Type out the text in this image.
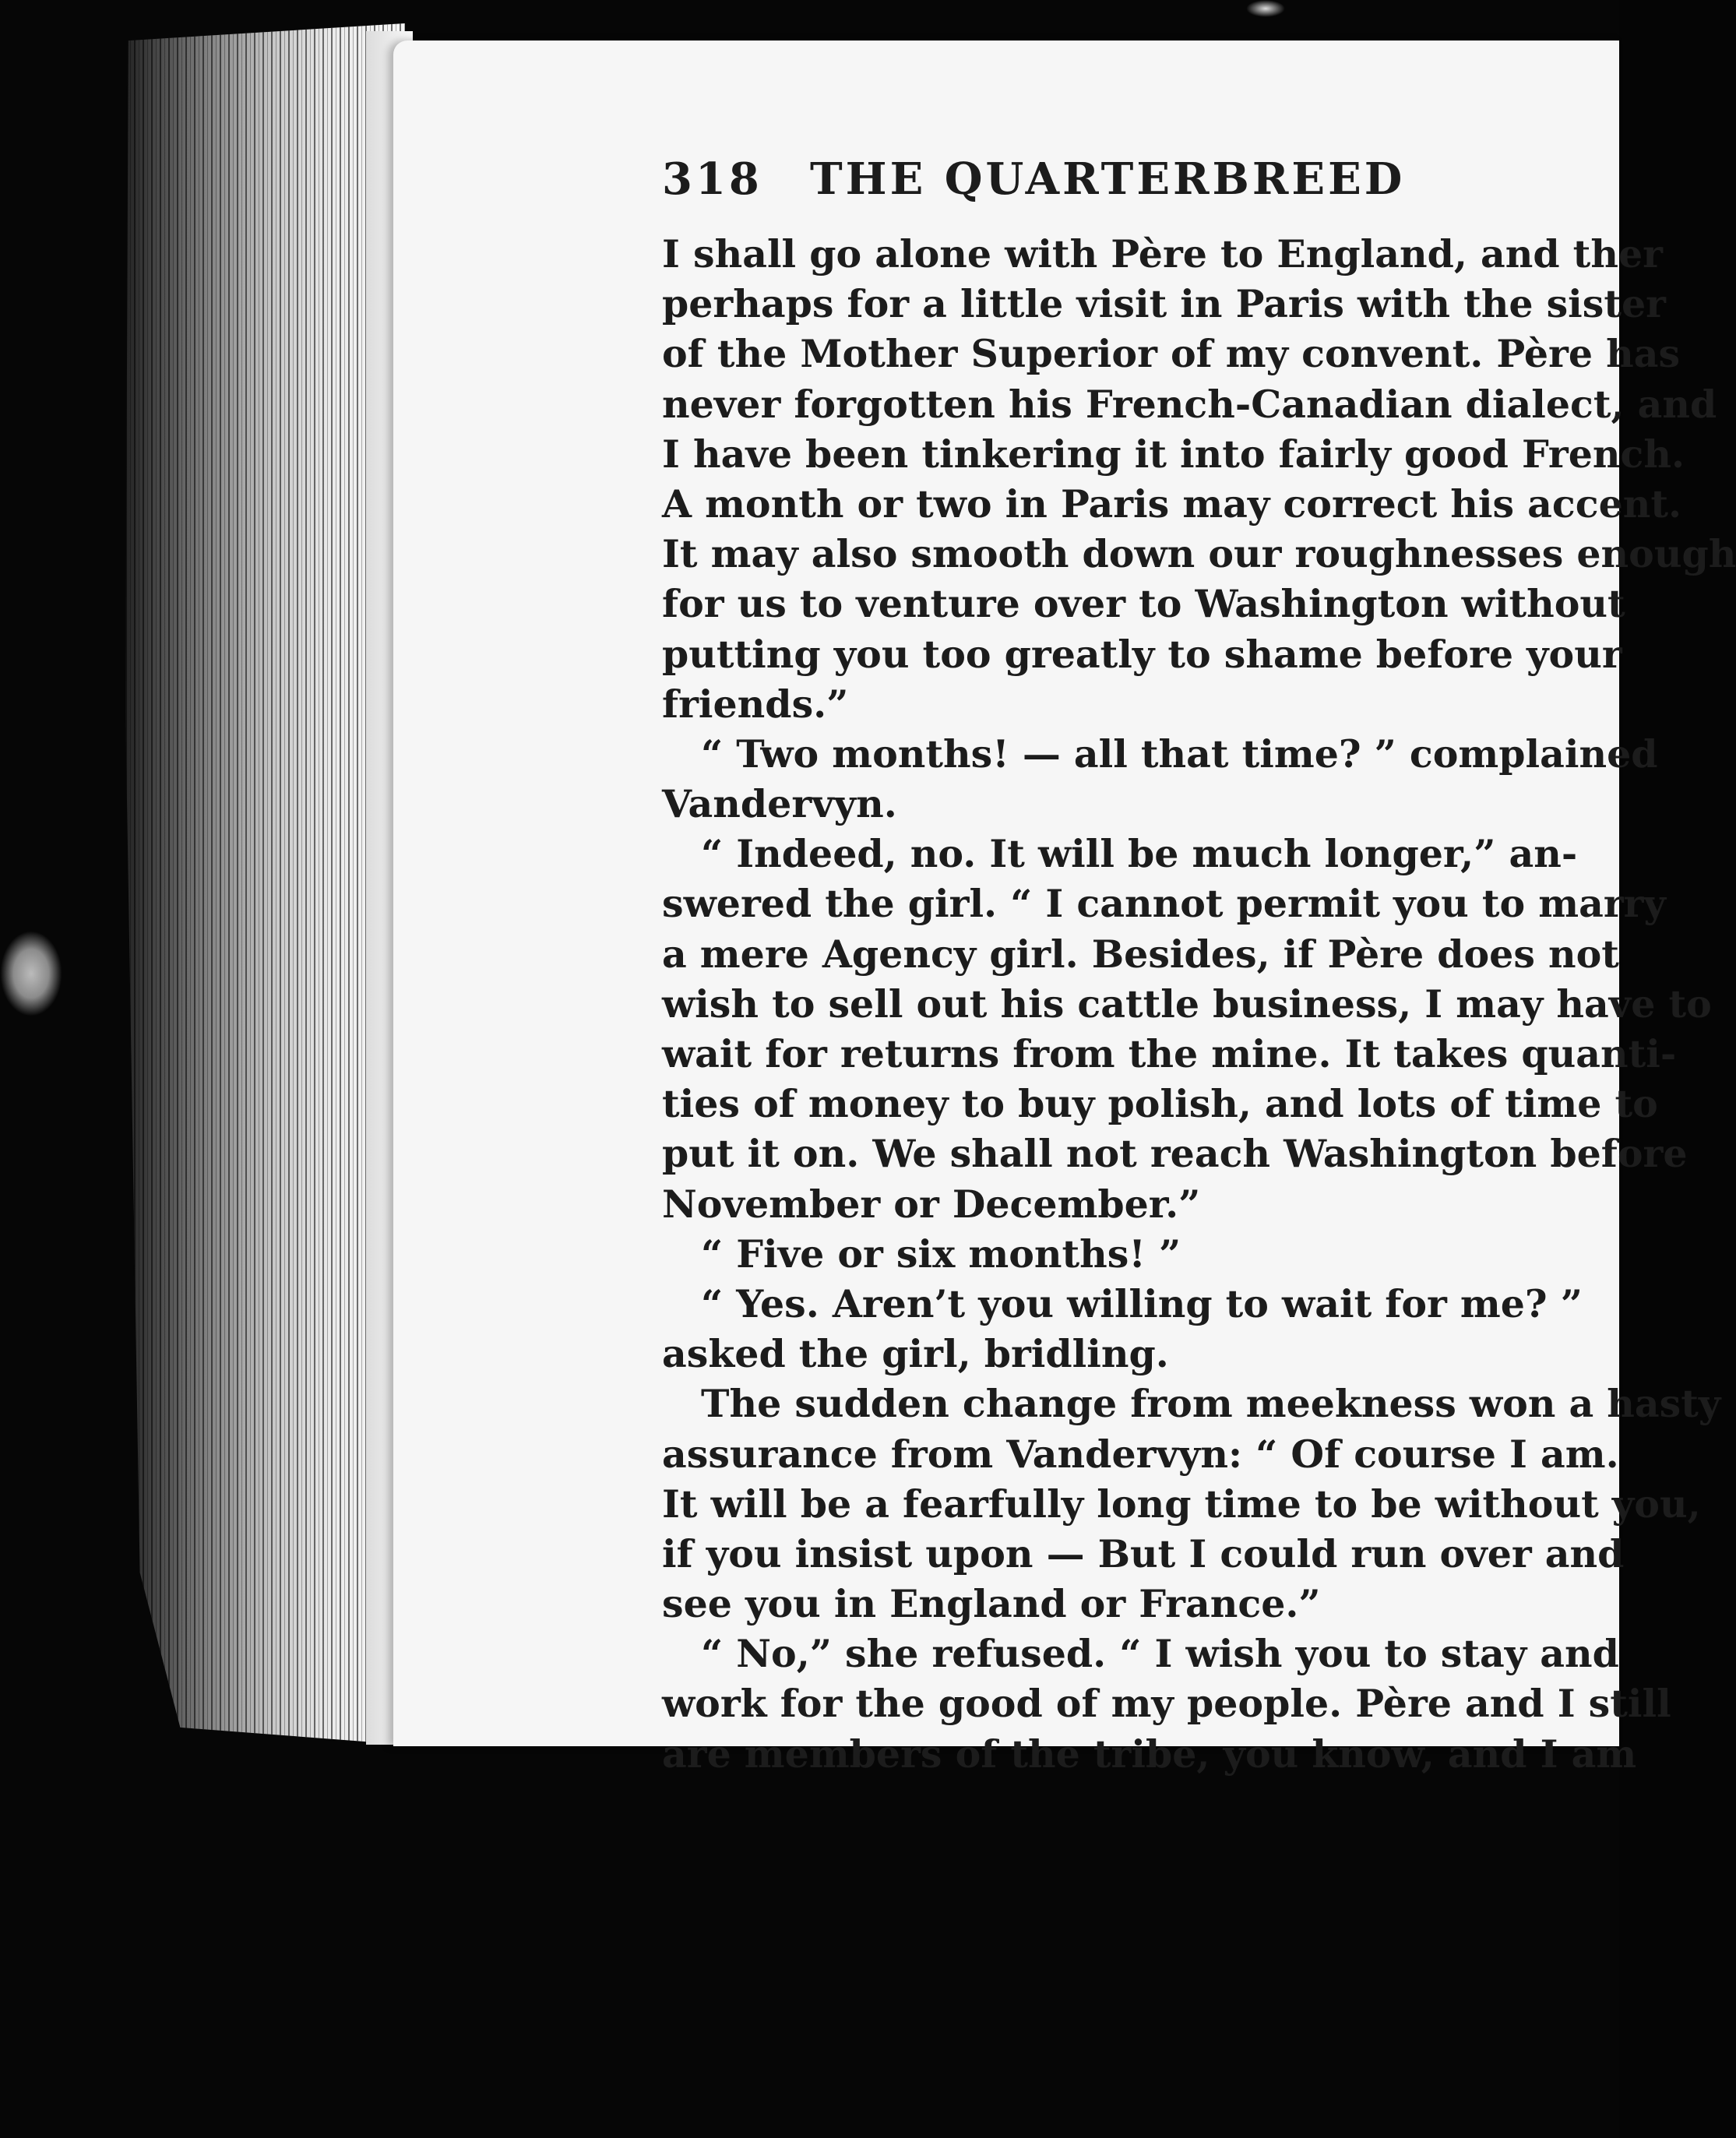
318	THE QUARTERBREED
I shall go alone with Père to England, and ther
perhaps for a little visit in Paris with the sister
of the Mother Superior of my convent. Père has
never forgotten his French-Canadian dialect, and
I have been tinkering it into fairly good French.
A month or two in Paris may correct his accent.
It may also smooth down our roughnesses enough
for us to venture over to Washington without
putting you too greatly to shame before your
friends.”
“ Two months! — all that time? ” complained
Vandervyn.
“ Indeed, no. It will be much longer,” an-
swered the girl. “ I cannot permit you to marry
a mere Agency girl. Besides, if Père does not
wish to sell out his cattle business, I may have to
wait for returns from the mine. It takes quanti-
ties of money to buy polish, and lots of time to
put it on. We shall not reach Washington before
November or December.”
“ Five or six months! ”
“ Yes. Aren’t you willing to wait for me? ”
asked the girl, bridling.
The sudden change from meekness won a hasty
assurance from Vandervyn: “ Of course I am.
It will be a fearfully long time to be without you,
if you insist upon — But I could run over and
see you in England or France.”
“ No,” she refused. “ I wish you to stay and
work for the good of my people. Père and I still
are members of the tribe, you know, and I am
